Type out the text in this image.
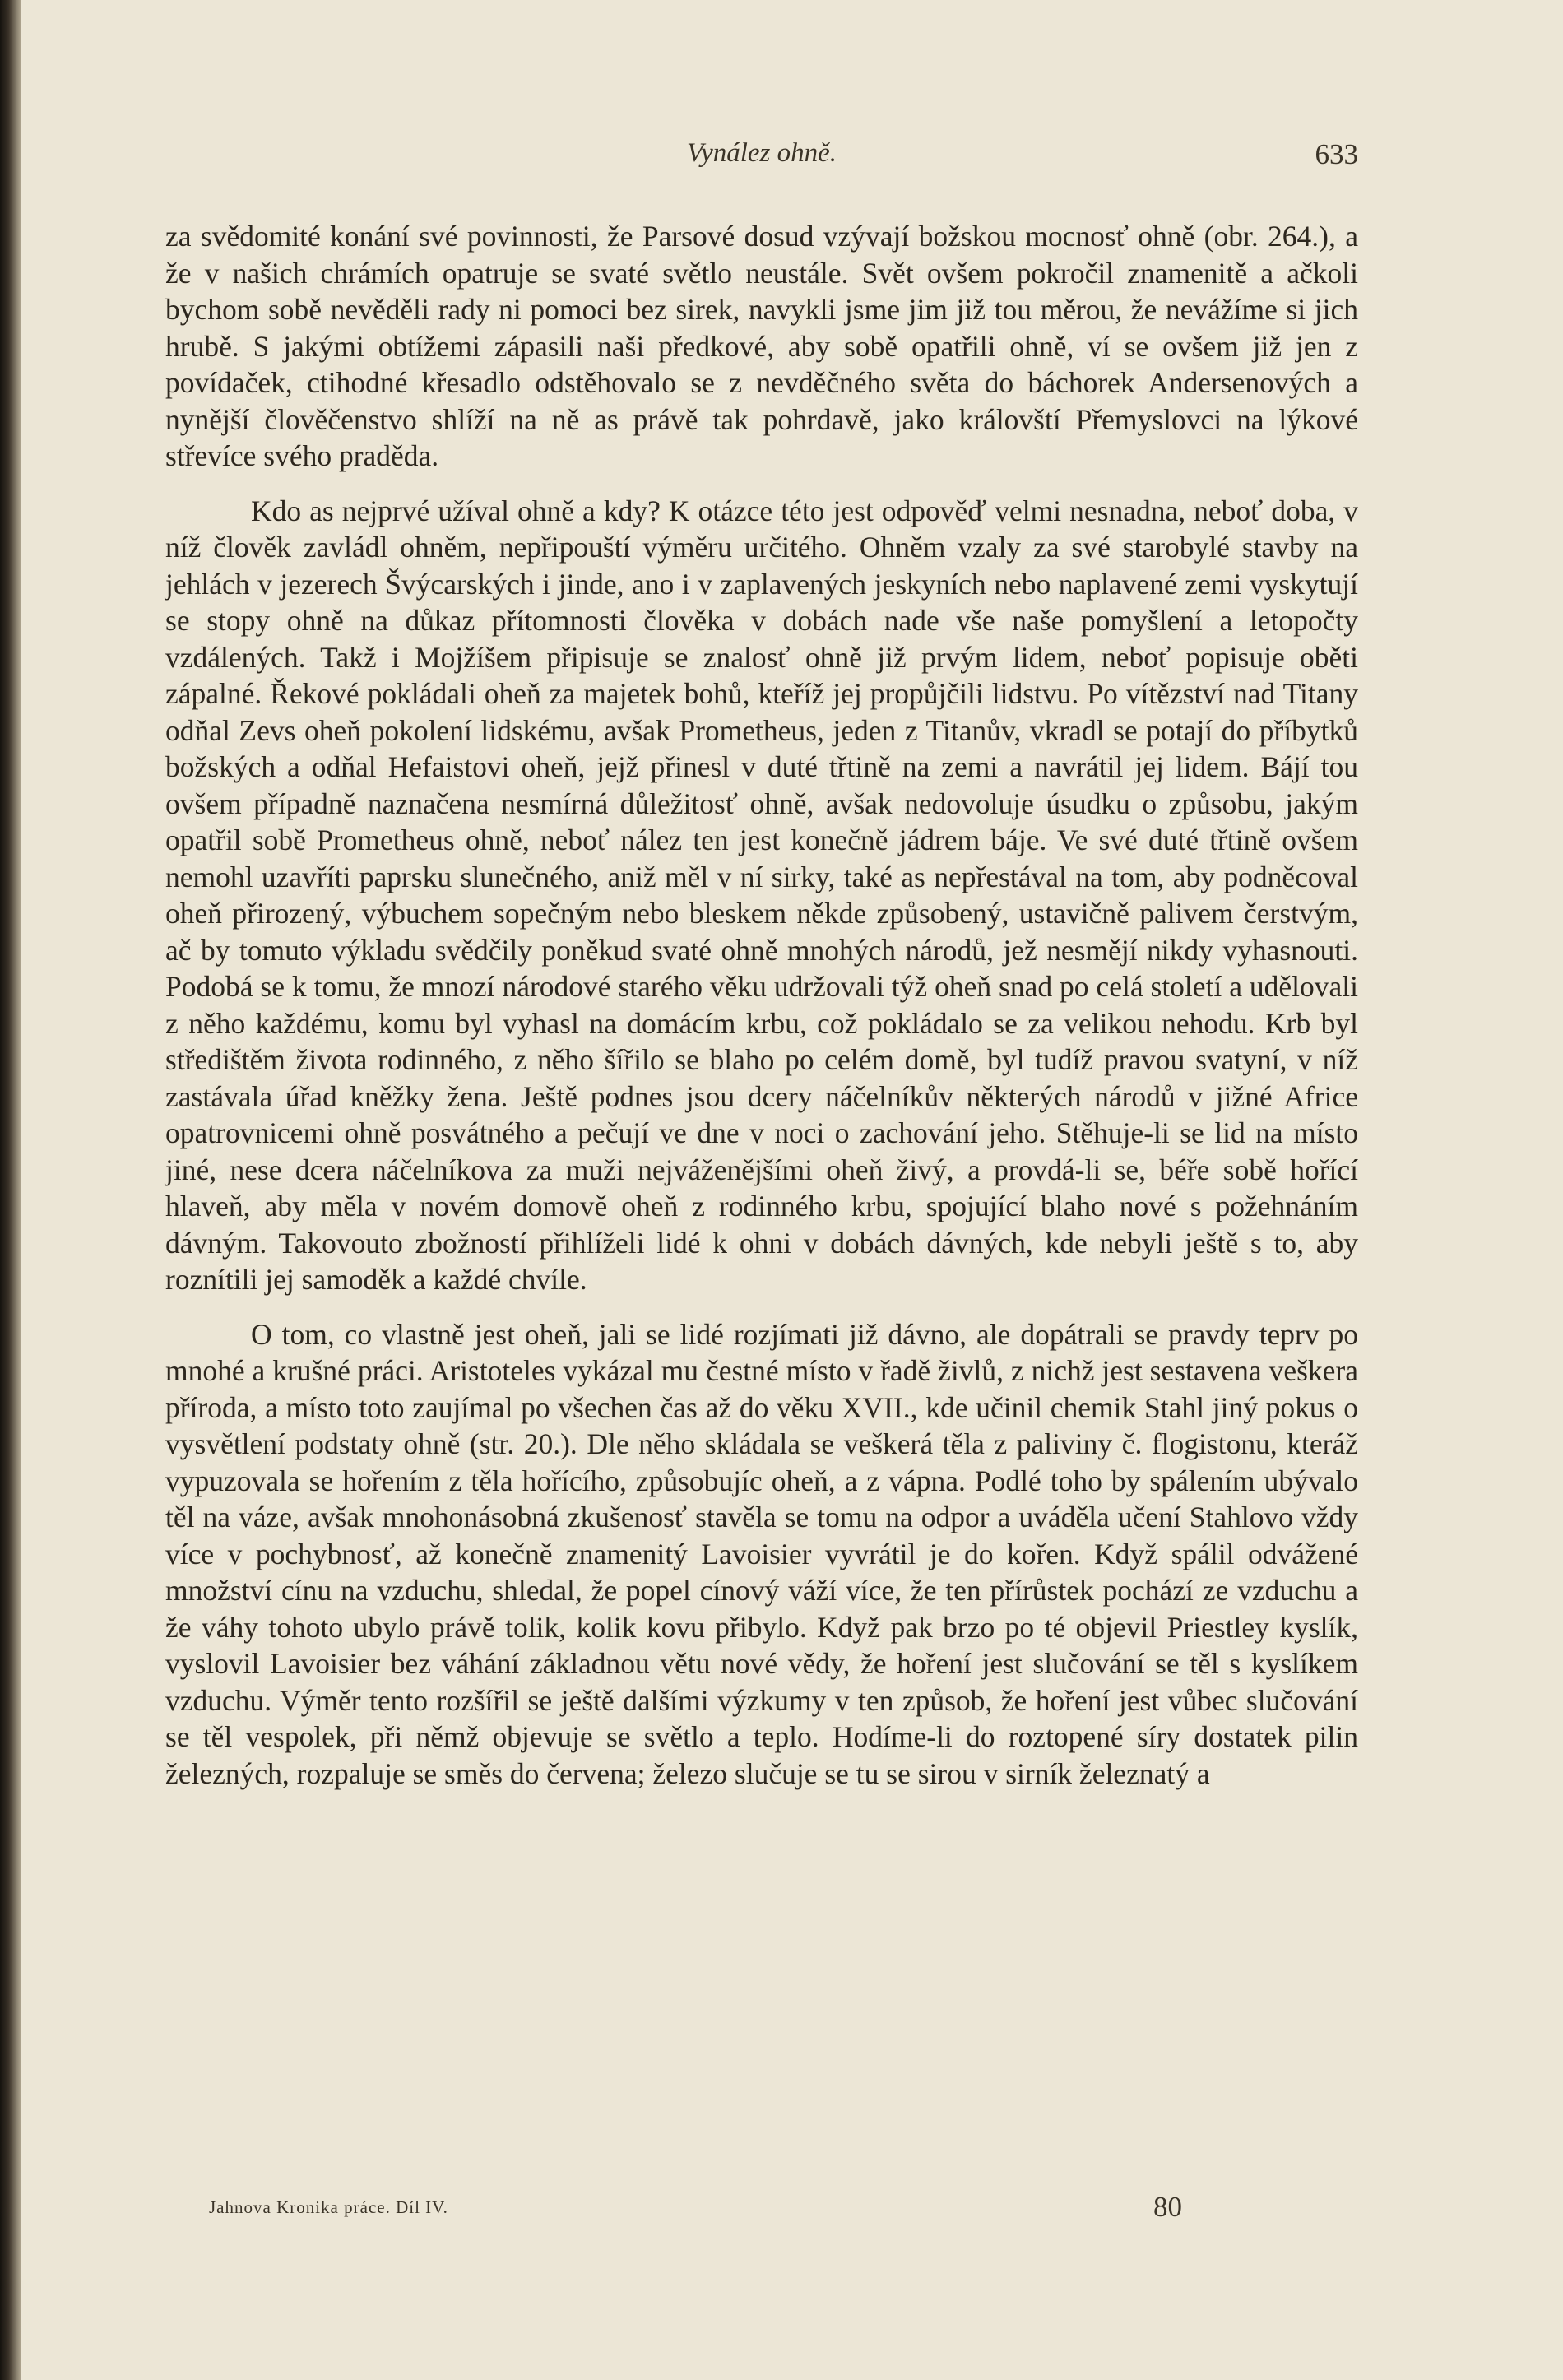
Vynález ohně.	633

za svědomité konání své povinnosti, že Parsové dosud vzývají božskou mocnosť ohně (obr. 264.), a že v našich chrámích opatruje se svaté světlo neustále. Svět ovšem pokročil znamenitě a ačkoli bychom sobě nevěděli rady ni pomoci bez sirek, navykli jsme jim již tou měrou, že nevážíme si jich hrubě. S jakými obtížemi zápasili naši předkové, aby sobě opatřili ohně, ví se ovšem již jen z povídaček, ctihodné křesadlo odstěhovalo se z nevděčného světa do báchorek Andersenových a nynější člověčenstvo shlíží na ně as právě tak pohrdavě, jako královští Přemyslovci na lýkové střevíce svého praděda.

Kdo as nejprvé užíval ohně a kdy? K otázce této jest odpověď velmi nesnadna, neboť doba, v níž člověk zavládl ohněm, nepřipouští výměru určitého. Ohněm vzaly za své starobylé stavby na jehlách v jezerech Švýcarských i jinde, ano i v zaplavených jeskyních nebo naplavené zemi vyskytují se stopy ohně na důkaz přítomnosti člověka v dobách nade vše naše pomyšlení a letopočty vzdálených. Takž i Mojžíšem připisuje se znalosť ohně již prvým lidem, neboť popisuje oběti zápalné. Řekové pokládali oheň za majetek bohů, kteříž jej propůjčili lidstvu. Po vítězství nad Titany odňal Zevs oheň pokolení lidskému, avšak Prometheus, jeden z Titanův, vkradl se potají do příbytků božských a odňal Hefaistovi oheň, jejž přinesl v duté třtině na zemi a navrátil jej lidem. Bájí tou ovšem případně naznačena nesmírná důležitosť ohně, avšak nedovoluje úsudku o způsobu, jakým opatřil sobě Prometheus ohně, neboť nález ten jest konečně jádrem báje. Ve své duté třtině ovšem nemohl uzavříti paprsku slunečného, aniž měl v ní sirky, také as nepřestával na tom, aby podněcoval oheň přirozený, výbuchem sopečným nebo bleskem někde způsobený, ustavičně palivem čerstvým, ač by tomuto výkladu svědčily poněkud svaté ohně mnohých národů, jež nesmějí nikdy vyhasnouti. Podobá se k tomu, že mnozí národové starého věku udržovali týž oheň snad po celá století a udělovali z něho každému, komu byl vyhasl na domácím krbu, což pokládalo se za velikou nehodu. Krb byl středištěm života rodinného, z něho šířilo se blaho po celém domě, byl tudíž pravou svatyní, v níž zastávala úřad kněžky žena. Ještě podnes jsou dcery náčelníkův některých národů v jižné Africe opatrovnicemi ohně posvátného a pečují ve dne v noci o zachování jeho. Stěhuje-li se lid na místo jiné, nese dcera náčelníkova za muži nejváženějšími oheň živý, a provdá-li se, béře sobě hořící hlaveň, aby měla v novém domově oheň z rodinného krbu, spojující blaho nové s požehnáním dávným. Takovouto zbožností přihlíželi lidé k ohni v dobách dávných, kde nebyli ještě s to, aby roznítili jej samoděk a každé chvíle.

O tom, co vlastně jest oheň, jali se lidé rozjímati již dávno, ale dopátrali se pravdy teprv po mnohé a krušné práci. Aristoteles vykázal mu čestné místo v řadě živlů, z nichž jest sestavena veškera příroda, a místo toto zaujímal po všechen čas až do věku XVII., kde učinil chemik Stahl jiný pokus o vysvětlení podstaty ohně (str. 20.). Dle něho skládala se veškerá těla z paliviny č. flogistonu, kteráž vypuzovala se hořením z těla hořícího, způsobujíc oheň, a z vápna. Podlé toho by spálením ubývalo těl na váze, avšak mnohonásobná zkušenosť stavěla se tomu na odpor a uváděla učení Stahlovo vždy více v pochybnosť, až konečně znamenitý Lavoisier vyvrátil je do kořen. Když spálil odvážené množství cínu na vzduchu, shledal, že popel cínový váží více, že ten přírůstek pochází ze vzduchu a že váhy tohoto ubylo právě tolik, kolik kovu přibylo. Když pak brzo po té objevil Priestley kyslík, vyslovil Lavoisier bez váhání základnou větu nové vědy, že hoření jest slučování se těl s kyslíkem vzduchu. Výměr tento rozšířil se ještě dalšími výzkumy v ten způsob, že hoření jest vůbec slučování se těl vespolek, při němž objevuje se světlo a teplo. Hodíme-li do roztopené síry dostatek pilin železných, rozpaluje se směs do červena; železo slučuje se tu se sirou v sirník železnatý a

Jahnova Kronika práce. Díl IV.	80
